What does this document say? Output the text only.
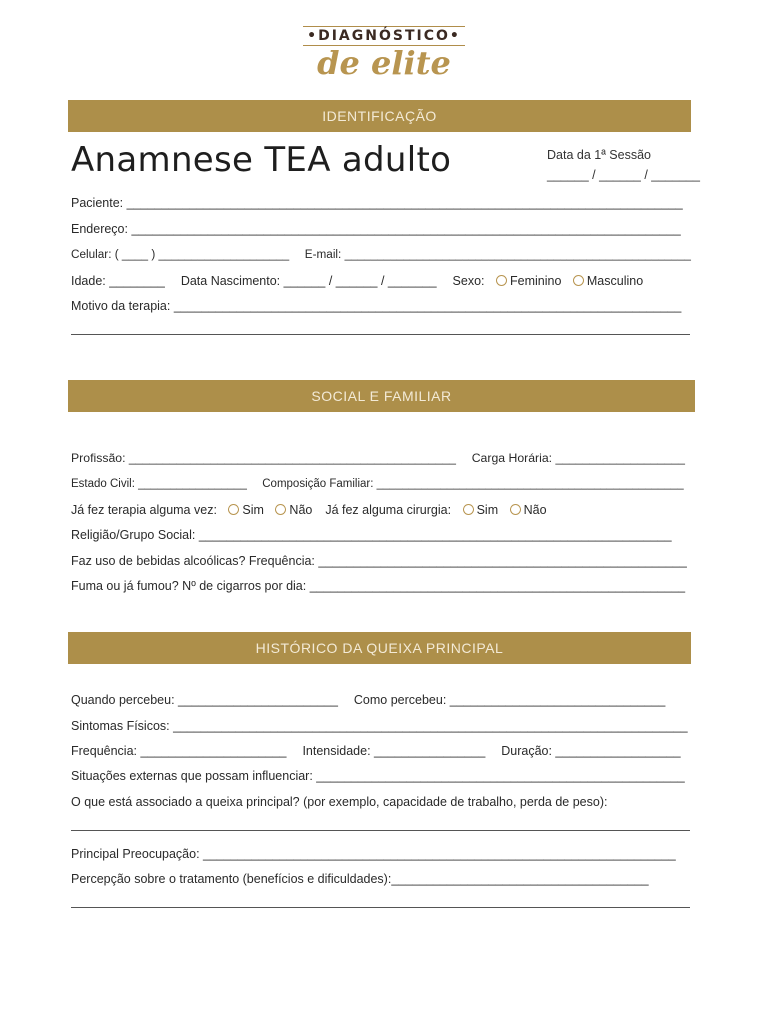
•DIAGNÓSTICO•
de elite
IDENTIFICAÇÃO
Anamnese TEA adulto	Data da 1ª Sessão
______ / ______ / _______
Paciente: ________________________________________________________________________________
Endereço: _______________________________________________________________________________
Celular: ( ____ ) ____________________ E-mail: _____________________________________________________
Idade: ________ Data Nascimento: ______ / ______ / _______ Sexo: Feminino Masculino
Motivo da terapia: _________________________________________________________________________
SOCIAL E FAMILIAR
Profissão: ________________________________________________ Carga Horária: ___________________
Estado Civil: _________________ Composição Familiar: ________________________________________________
Já fez terapia alguma vez: Sim Não Já fez alguma cirurgia: Sim Não
Religião/Grupo Social: ____________________________________________________________________
Faz uso de bebidas alcoólicas? Frequência: _____________________________________________________
Fuma ou já fumou? Nº de cigarros por dia: ______________________________________________________
HISTÓRICO DA QUEIXA PRINCIPAL
Quando percebeu: _______________________ Como percebeu: _______________________________
Sintomas Físicos: __________________________________________________________________________
Frequência: _____________________ Intensidade: ________________ Duração: __________________
Situações externas que possam influenciar: _____________________________________________________
O que está associado a queixa principal? (por exemplo, capacidade de trabalho, perda de peso):
Principal Preocupação: ____________________________________________________________________
Percepção sobre o tratamento (benefícios e dificuldades):_____________________________________
